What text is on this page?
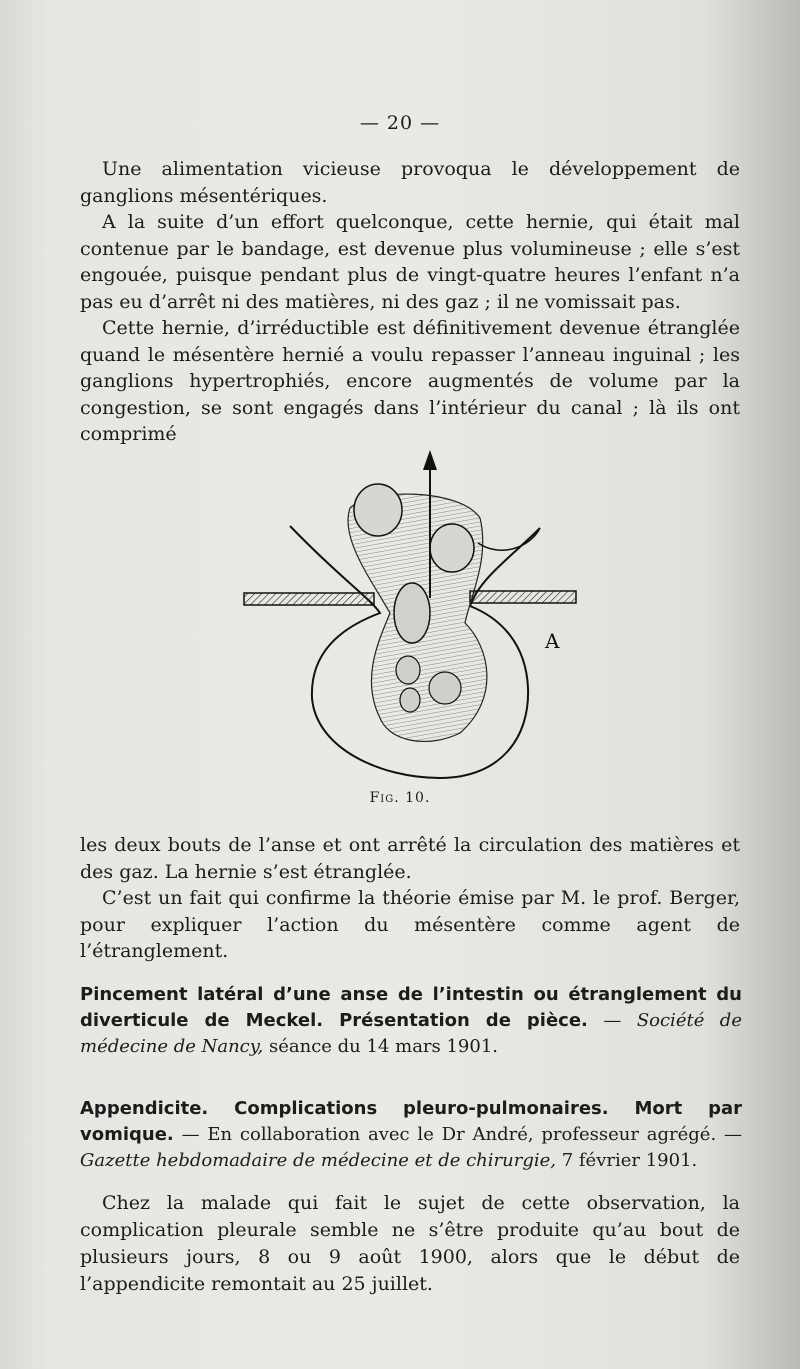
— 20 —

Une alimentation vicieuse provoqua le développement de ganglions mésentériques.

A la suite d’un effort quelconque, cette hernie, qui était mal contenue par le bandage, est devenue plus volumineuse ; elle s’est engouée, puisque pendant plus de vingt-quatre heures l’enfant n’a pas eu d’arrêt ni des matières, ni des gaz ; il ne vomissait pas.

Cette hernie, d’irréductible est définitivement devenue étranglée quand le mésentère hernié a voulu repasser l’anneau inguinal ; les ganglions hypertrophiés, encore augmentés de volume par la congestion, se sont engagés dans l’intérieur du canal ; là ils ont comprimé

A
Fig. 10.

les deux bouts de l’anse et ont arrêté la circulation des matières et des gaz. La hernie s’est étranglée.

C’est un fait qui confirme la théorie émise par M. le prof. Berger, pour expliquer l’action du mésentère comme agent de l’étranglement.

Pincement latéral d’une anse de l’intestin ou étranglement du diverticule de Meckel. Présentation de pièce. — Société de médecine de Nancy, séance du 14 mars 1901.
Appendicite. Complications pleuro-pulmonaires. Mort par vomique. — En collaboration avec le Dr André, professeur agrégé. — Gazette hebdomadaire de médecine et de chirurgie, 7 février 1901.

Chez la malade qui fait le sujet de cette observation, la complication pleurale semble ne s’être produite qu’au bout de plusieurs jours, 8 ou 9 août 1900, alors que le début de l’appendicite remontait au 25 juillet.
